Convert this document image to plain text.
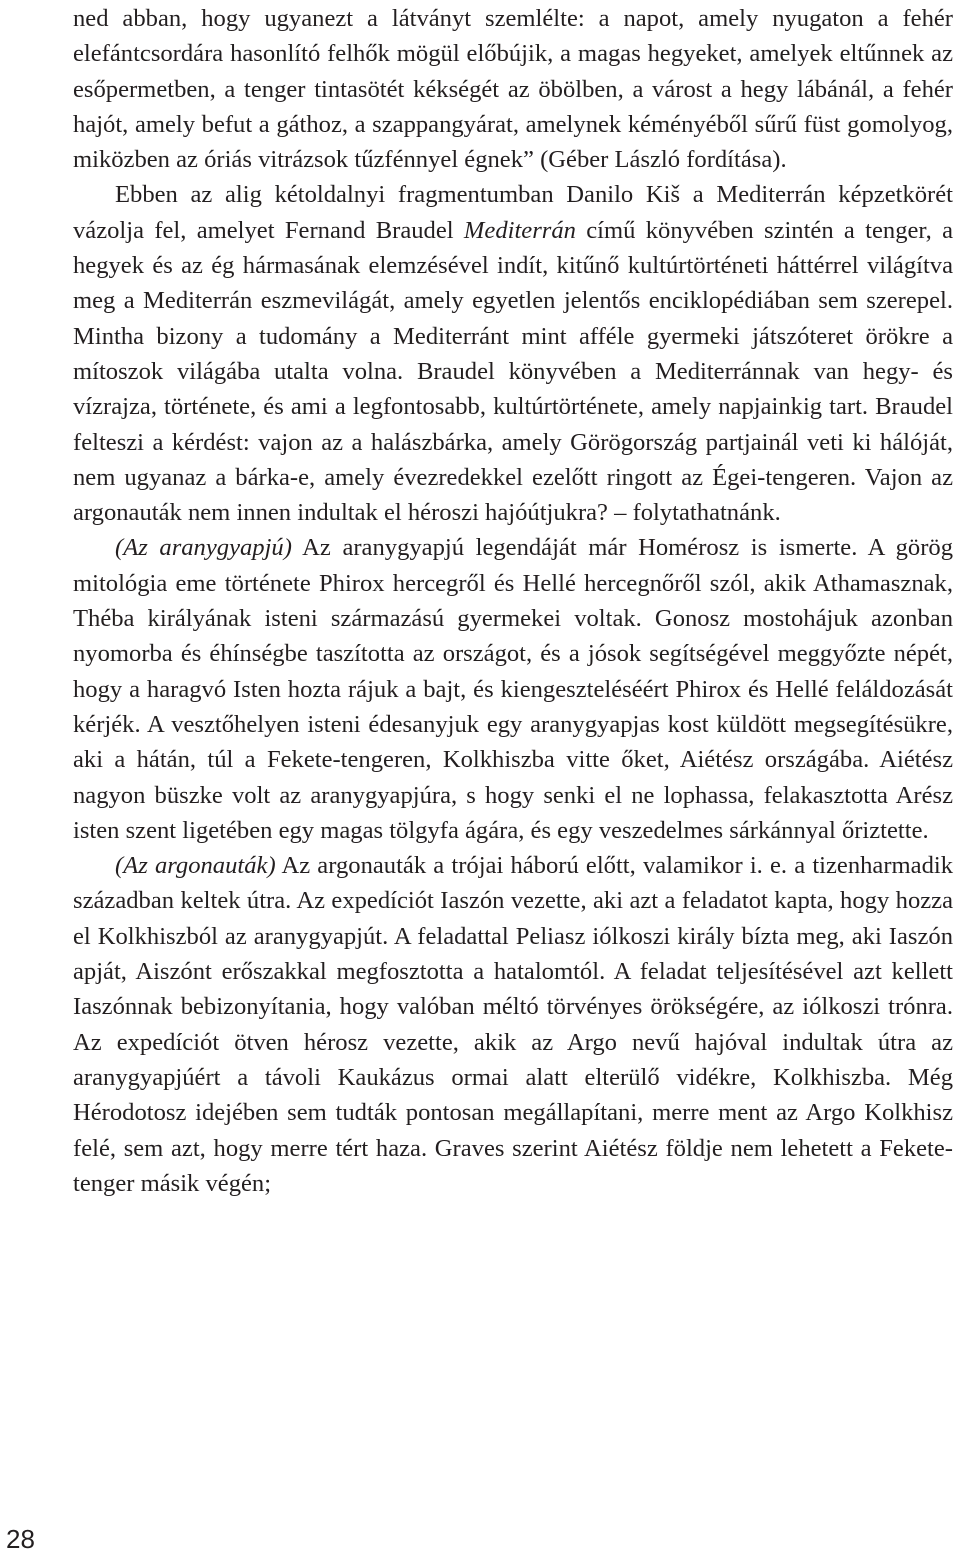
ned abban, hogy ugyanezt a látványt szemlélte: a napot, amely nyugaton a fehér elefántcsordára hasonlító felhők mögül előbújik, a magas hegyeket, amelyek eltűnnek az esőpermetben, a tenger tintasötét kékségét az öbölben, a várost a hegy lábánál, a fehér hajót, amely befut a gáthoz, a szappangyárat, amelynek kéményéből sűrű füst gomolyog, miközben az óriás vitrázsok tűzfénnyel égnek” (Géber László fordítása).

Ebben az alig kétoldalnyi fragmentumban Danilo Kiš a Mediterrán képzetkörét vázolja fel, amelyet Fernand Braudel Mediterrán című könyvében szintén a tenger, a hegyek és az ég hármasának elemzésével indít, kitűnő kultúrtörténeti háttérrel világítva meg a Mediterrán eszmevilágát, amely egyetlen jelentős enciklopédiában sem szerepel. Mintha bizony a tudomány a Mediterránt mint afféle gyermeki játszóteret örökre a mítoszok világába utalta volna. Braudel könyvében a Mediterránnak van hegy- és vízrajza, története, és ami a legfontosabb, kultúrtörténete, amely napjainkig tart. Braudel felteszi a kérdést: vajon az a halászbárka, amely Görögország partjainál veti ki hálóját, nem ugyanaz a bárka-e, amely évezredekkel ezelőtt ringott az Égei-tengeren. Vajon az argonauták nem innen indultak el héroszi hajóútjukra? – folytathatnánk.

(Az aranygyapjú) Az aranygyapjú legendáját már Homérosz is ismerte. A görög mitológia eme története Phirox hercegről és Hellé hercegnőről szól, akik Athamasznak, Théba királyának isteni származású gyermekei voltak. Gonosz mostohájuk azonban nyomorba és éhínségbe taszította az országot, és a jósok segítségével meggyőzte népét, hogy a haragvó Isten hozta rájuk a bajt, és kiengeszteléséért Phirox és Hellé feláldozását kérjék. A vesztőhelyen isteni édesanyjuk egy aranygyapjas kost küldött megsegítésükre, aki a hátán, túl a Fekete-tengeren, Kolkhiszba vitte őket, Aiétész országába. Aiétész nagyon büszke volt az aranygyapjúra, s hogy senki el ne lophassa, felakasztotta Arész isten szent ligetében egy magas tölgyfa ágára, és egy veszedelmes sárkánnyal őriztette.

(Az argonauták) Az argonauták a trójai háború előtt, valamikor i. e. a tizenharmadik században keltek útra. Az expedíciót Iaszón vezette, aki azt a feladatot kapta, hogy hozza el Kolkhiszból az aranygyapjút. A feladattal Peliasz iólkoszi király bízta meg, aki Iaszón apját, Aiszónt erőszakkal megfosztotta a hatalomtól. A feladat teljesítésével azt kellett Iaszónnak bebizonyítania, hogy valóban méltó törvényes örökségére, az iólkoszi trónra. Az expedíciót ötven hérosz vezette, akik az Argo nevű hajóval indultak útra az aranygyapjúért a távoli Kaukázus ormai alatt elterülő vidékre, Kolkhiszba. Még Hérodotosz idejében sem tudták pontosan megállapítani, merre ment az Argo Kolkhisz felé, sem azt, hogy merre tért haza. Graves szerint Aiétész földje nem lehetett a Fekete-tenger másik végén;

28
